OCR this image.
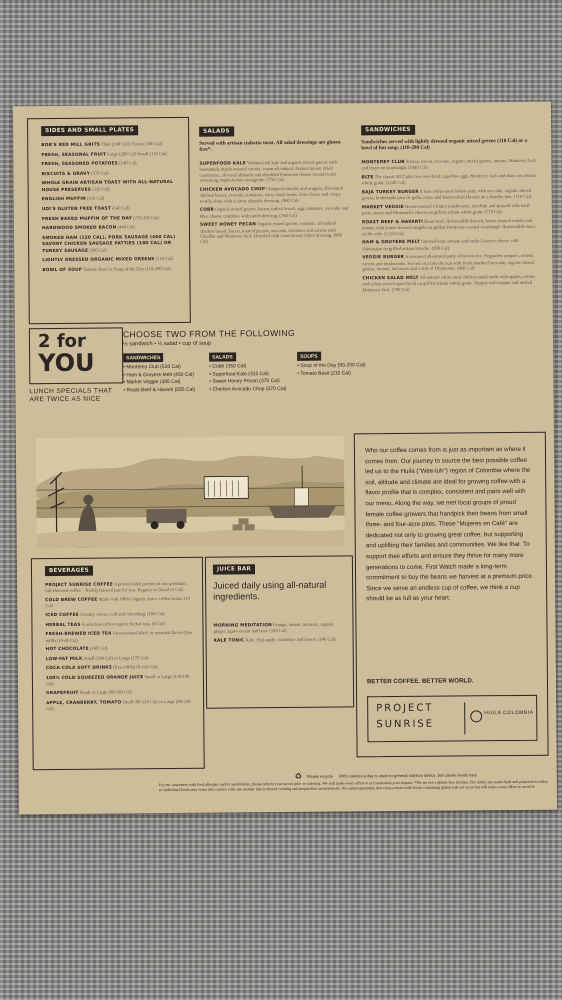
SIDES AND SMALL PLATES
BOB'S RED MILL GRITS Plain (240 Cal) Cheesy (300 Cal)
FRESH, SEASONAL FRUIT Large (200 Cal) Small (110 Cal)
FRESH, SEASONED POTATOES (140 Cal)
BISCUITS & GRAVY (570 Cal)
WHOLE GRAIN ARTISAN TOAST WITH ALL-NATURAL HOUSE PRESERVES (310 Cal)
ENGLISH MUFFIN (110 Cal)
UDI'S GLUTEN FREE TOAST (140 Cal)
FRESH BAKED MUFFIN OF THE DAY (270-350 Cal)
HARDWOOD SMOKED BACON (440 Cal)
SMOKED HAM (120 CAL), PORK SAUSAGE (460 CAL) SAVORY CHICKEN SAUSAGE PATTIES (180 CAL) OR TURKEY SAUSAGE (280 Cal)
LIGHTLY DRESSED ORGANIC MIXED GREENS (110 Cal)
BOWL OF SOUP Tomato Basil or Soup of the Day (110-290 Cal)
SALADS
Served with artisan ciabatta toast. All salad dressings are gluten free*.
SUPERFOOD KALE Vitamin-rich kale and organic mixed greens with homemade maple-roasted carrots, warm all-natural chicken breast, dried cranberries, slivered almonds and shredded Parmesan cheese tossed in our refreshing maple-lemon vinaigrette. (750 Cal)
CHICKEN AVOCADO CHOP Chopped romaine and arugula, all-natural chicken breast, avocado, tomatoes, corn, black beans, Feta cheese and crispy tortilla chips with a citrus chipotle dressing. (860 Cal)
COBB Organic mixed greens, bacon, turkey breast, egg, tomatoes, avocado and Bleu cheese crumbles with ranch dressing. (760 Cal)
SWEET HONEY PECAN Organic mixed greens, romaine, all-natural chicken breast, bacon, toasted pecans, avocado, tomatoes and carrots with Cheddar and Monterey Jack. Drizzled with warm honey Dijon dressing. (880 Cal)
SANDWICHES
Sandwiches served with lightly dressed organic mixed greens (110 Cal) or a bowl of hot soup. (110-290 Cal)
MONTEREY CLUB Turkey, bacon, avocado, organic mixed greens, tomato, Monterey Jack and mayo on sourdough. (1040 Cal)
BLTE The classic BLT plus two over-hard cage-free eggs, Monterey Jack and mayo on artisan whole grain. (1240 Cal)
BAJA TURKEY BURGER A lean white-meat turkey patty with avocado, organic mixed greens, homemade pico de gallo, mayo and Horseradish Havarti on a brioche bun. (710 Cal)
MARKET VEGGIE House-roasted Crimini mushrooms, zucchini and spinach with basil pesto, mayo and Mozzarella cheese on grilled artisan whole grain. (770 Cal)
ROAST BEEF & HAVARTI Roast beef, Horseradish Havarti, house-roasted onions and tomato with lemon dressed arugula on grilled Parmesan-crusted sourdough. Horseradish mayo on the side. (1110 Cal)
HAM & GRUYERE MELT Smoked ham, tomato and melty Gruyere cheese with Dijonnaise on grilled artisan brioche. (900 Cal)
VEGGIE BURGER A seasoned all-natural patty of brown rice, Peppadew peppers, onions, carrots and mushrooms. Served on a brioche bun with fresh smashed avocado, organic mixed greens, tomato, red onion and a side of Dijonnaise. (460 Cal)
CHICKEN SALAD MELT All-natural white-meat chicken salad made with apples, raisins and celery served open-faced on grilled artisan whole grain. Topped with tomato and melted Monterey Jack. (700 Cal)
2 for
YOU
LUNCH SPECIALS THAT ARE TWICE AS NICE
CHOOSE TWO FROM THE FOLLOWING
½ sandwich • ½ salad • cup of soup
SANDWICHES
• Monterey Club (520 Cal)
• Ham & Gruyere Melt (450 Cal)
• Market Veggie (385 Cal)
• Roast Beef & Havarti (555 Cal)
SALADS
• Cobb (350 Cal)
• Superfood Kale (315 Cal)
• Sweet Honey Pecan (375 Cal)
• Chicken Avocado Chop (370 Cal)
SOUPS
• Soup of the Day (90-200 Cal)
• Tomato Basil (210 Cal)
Who our coffee comes from is just as important as where it comes from. Our journey to source the best possible coffee led us to the Huila ("Wee-luh") region of Colombia where the soil, altitude and climate are ideal for growing coffee with a flavor profile that is complex, consistent and pairs well with our menu. Along the way, we met local groups of proud female coffee growers that handpick their beans from small three- and four-acre plots. These "Mujeres en Café" are dedicated not only to growing great coffee, but supporting and uplifting their families and communities. We like that. To support their efforts and ensure they thrive for many more generations to come, First Watch made a long-term commitment to buy the beans we harvest at a premium price. Since we serve an endless cup of coffee, we think a cup should be as full as your heart.
BETTER COFFEE. BETTER WORLD.
PROJECT
SUNRISE
HUILA COLOMBIA
BEVERAGES
PROJECT SUNRISE COFFEE A private-label portion of our premium, full-flavored coffee – freshly brewed just for you. Regular or Decaf (5 Cal)
COLD BREW COFFEE Made with 100% Organic Aztec coffee beans. (15 Cal)
ICED COFFEE Creamy, sweet, cold and refreshing. (160 Cal)
HERBAL TEAS A selection of hot organic herbal teas. (0 Cal)
FRESH-BREWED ICED TEA Unsweetened black or seasonal flavor (free refills) (0-45 Cal)
HOT CHOCOLATE (140 Cal)
LOW-FAT MILK Small (100 Cal) or Large (175 Cal)
COCA-COLA SOFT DRINKS (free refills) (0-120 Cal)
100% COLD SQUEEZED ORANGE JUICE Small or Large (110/190 Cal)
GRAPEFRUIT Small or Large (90/160 Cal)
APPLE, CRANBERRY, TOMATO Small (90-120 Cal) or Large (90-210 Cal)
JUICE BAR
Juiced daily using all-natural ingredients.
MORNING MEDITATION Orange, lemon, turmeric, organic ginger, agave nectar and beet. (160 Cal)
KALE TONIC Kale, Fuji apple, cucumber and lemon. (140 Cal)
♻ Please recycle 2000 calories a day is used for general nutrition advice, but calorie needs vary.
For our customers with food allergies and/or sensitivities, please inform your server prior to ordering. We will make every effort to accommodate your request. *We are not a gluten-free kitchen. Our dishes are made fresh and prepared-to-order, so individual foods may come into contact with one another due to shared cooking and preparation areas/utensils. We cannot guarantee that cross-contact with foods containing gluten will not occur but will make every effort to avoid it.
